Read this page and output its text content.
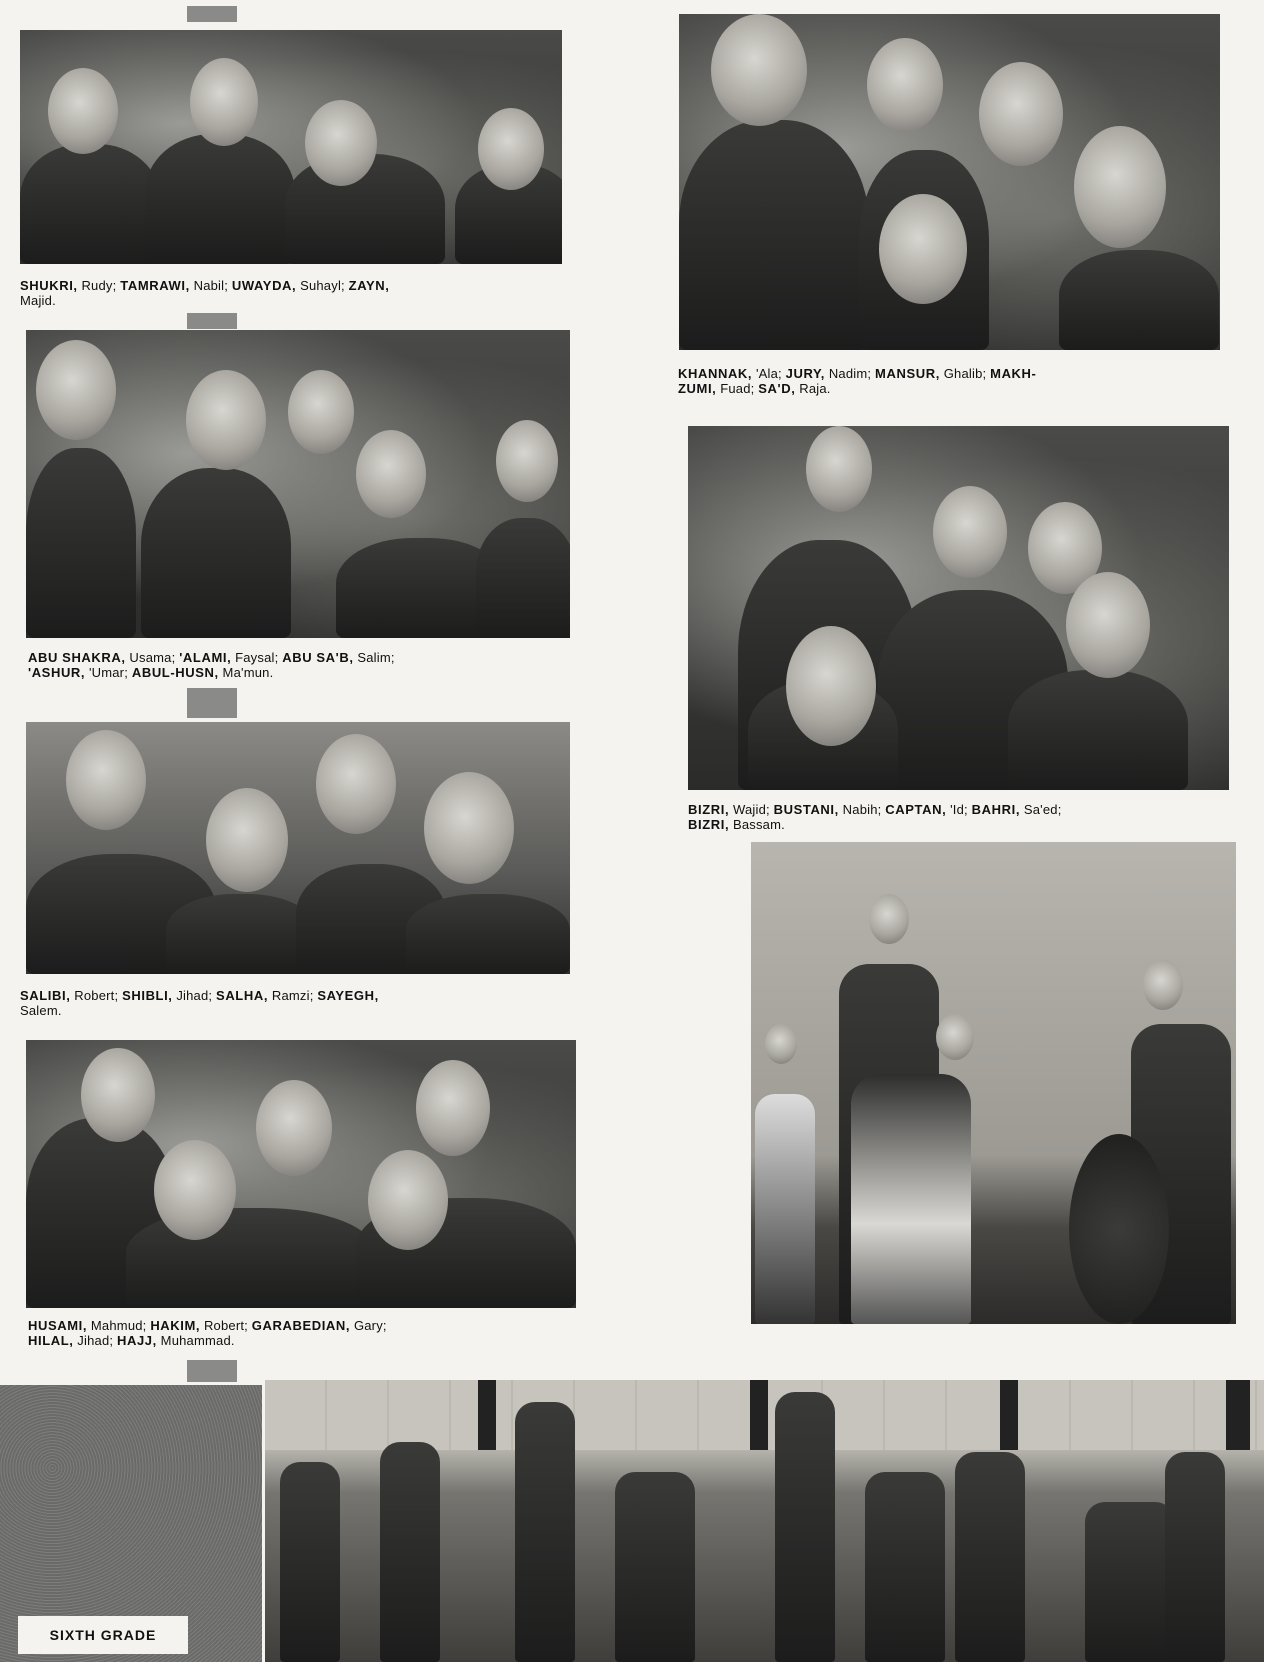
SHUKRI, Rudy; TAMRAWI, Nabil; UWAYDA, Suhayl; ZAYN,
Majid.
ABU SHAKRA, Usama; 'ALAMI, Faysal; ABU SA'B, Salim;
'ASHUR, 'Umar; ABUL-HUSN, Ma'mun.
SALIBI, Robert; SHIBLI, Jihad; SALHA, Ramzi; SAYEGH,
Salem.
HUSAMI, Mahmud; HAKIM, Robert; GARABEDIAN, Gary;
HILAL, Jihad; HAJJ, Muhammad.
KHANNAK, 'Ala; JURY, Nadim; MANSUR, Ghalib; MAKH-
ZUMI, Fuad; SA'D, Raja.
BIZRI, Wajid; BUSTANI, Nabih; CAPTAN, 'Id; BAHRI, Sa'ed;
BIZRI, Bassam.
SIXTH GRADE
